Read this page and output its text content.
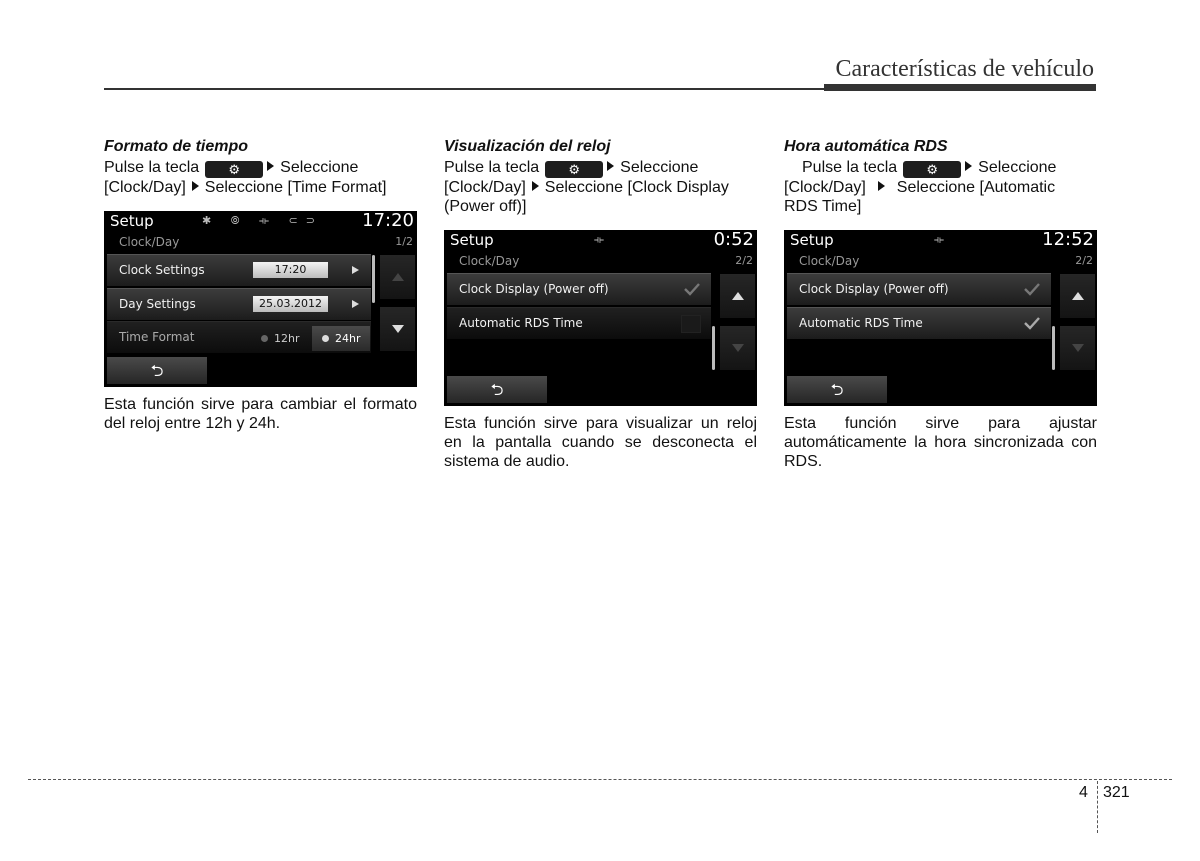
Características de vehículo
Formato de tiempo
Pulse la tecla ⚙	Seleccione
[Clock/Day] Seleccione [Time Format]
Setup	✱ ⦾ ⟛ ⊂⊃ 17:20
Clock/Day	1/2
Clock Settings	17:20
Day Settings	25.03.2012
Time Format	12hr	24hr
⮌
Esta función sirve para cambiar el formato del reloj entre 12h y 24h.
Visualización del reloj
Pulse la tecla ⚙	Seleccione
[Clock/Day] Seleccione [Clock Display
(Power off)]
Setup	⟛	0:52
Clock/Day	2/2
Clock Display (Power off)
Automatic RDS Time
⮌
Esta función sirve para visualizar un reloj en la pantalla cuando se desconecta el sistema de audio.
Hora automática RDS
Pulse la tecla ⚙	Seleccione
[Clock/Day] Seleccione [Automatic
RDS Time]
Setup	⟛	12:52
Clock/Day	2/2
Clock Display (Power off)
Automatic RDS Time
⮌
Esta función sirve para ajustar automáticamente la hora sincronizada con RDS.
4 321
